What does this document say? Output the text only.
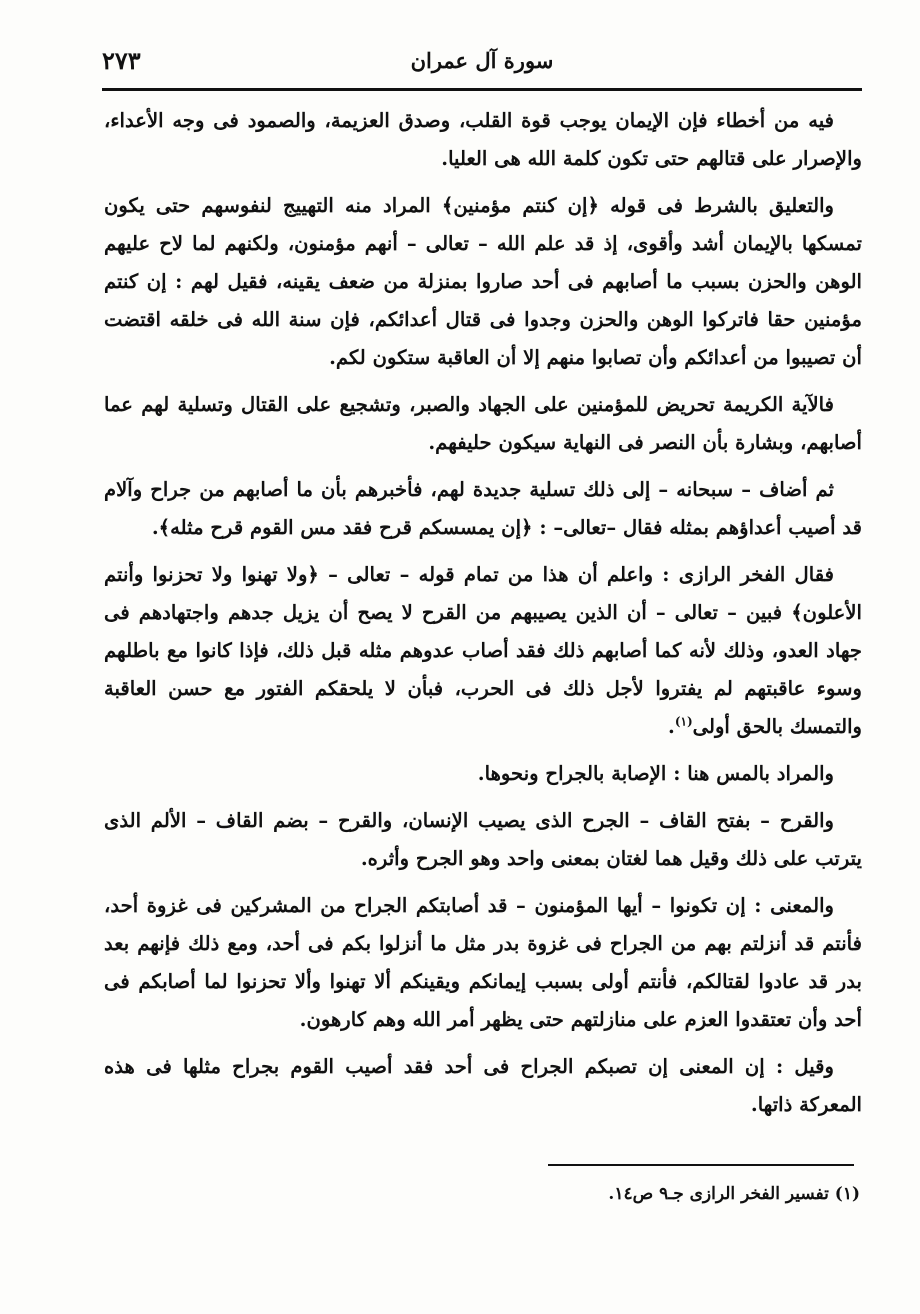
سورة آل عمران
٢٧٣

فيه من أخطاء فإن الإيمان يوجب قوة القلب، وصدق العزيمة، والصمود فى وجه الأعداء، والإصرار على قتالهم حتى تكون كلمة الله هى العليا.

والتعليق بالشرط فى قوله ﴿إن كنتم مؤمنين﴾ المراد منه التهييج لنفوسهم حتى يكون تمسكها بالإيمان أشد وأقوى، إذ قد علم الله – تعالى – أنهم مؤمنون، ولكنهم لما لاح عليهم الوهن والحزن بسبب ما أصابهم فى أحد صاروا بمنزلة من ضعف يقينه، فقيل لهم : إن كنتم مؤمنين حقا فاتركوا الوهن والحزن وجدوا فى قتال أعدائكم، فإن سنة الله فى خلقه اقتضت أن تصيبوا من أعدائكم وأن تصابوا منهم إلا أن العاقبة ستكون لكم.

فالآية الكريمة تحريض للمؤمنين على الجهاد والصبر، وتشجيع على القتال وتسلية لهم عما أصابهم، وبشارة بأن النصر فى النهاية سيكون حليفهم.

ثم أضاف – سبحانه – إلى ذلك تسلية جديدة لهم، فأخبرهم بأن ما أصابهم من جراح وآلام قد أصيب أعداؤهم بمثله فقال –تعالى– : ﴿إن يمسسكم قرح فقد مس القوم قرح مثله﴾.

فقال الفخر الرازى : واعلم أن هذا من تمام قوله – تعالى – ﴿ولا تهنوا ولا تحزنوا وأنتم الأعلون﴾ فبين – تعالى – أن الذين يصيبهم من القرح لا يصح أن يزيل جدهم واجتهادهم فى جهاد العدو، وذلك لأنه كما أصابهم ذلك فقد أصاب عدوهم مثله قبل ذلك، فإذا كانوا مع باطلهم وسوء عاقبتهم لم يفتروا لأجل ذلك فى الحرب، فبأن لا يلحقكم الفتور مع حسن العاقبة والتمسك بالحق أولى$^{(١)}$.

والمراد بالمس هنا : الإصابة بالجراح ونحوها.

والقرح – بفتح القاف – الجرح الذى يصيب الإنسان، والقرح – بضم القاف – الألم الذى يترتب على ذلك وقيل هما لغتان بمعنى واحد وهو الجرح وأثره.

والمعنى : إن تكونوا – أيها المؤمنون – قد أصابتكم الجراح من المشركين فى غزوة أحد، فأنتم قد أنزلتم بهم من الجراح فى غزوة بدر مثل ما أنزلوا بكم فى أحد، ومع ذلك فإنهم بعد بدر قد عادوا لقتالكم، فأنتم أولى بسبب إيمانكم ويقينكم ألا تهنوا وألا تحزنوا لما أصابكم فى أحد وأن تعتقدوا العزم على منازلتهم حتى يظهر أمر الله وهم كارهون.

وقيل : إن المعنى إن تصبكم الجراح فى أحد فقد أصيب القوم بجراح مثلها فى هذه المعركة ذاتها.

(١) تفسير الفخر الرازى جـ٩ ص١٤.
